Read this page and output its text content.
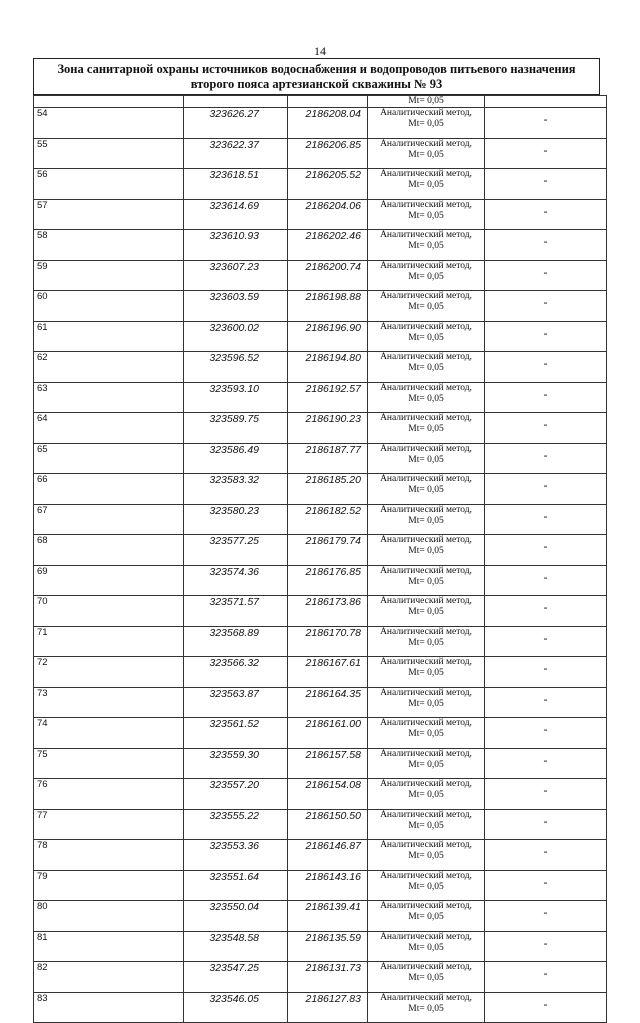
14
Зона санитарной охраны источников водоснабжения и водопроводов питьевого назначения
второго пояса артезианской скважины № 93
			Мt= 0,05	
54	323626.27	2186208.04	Аналитический метод,
Мt= 0,05	-
55	323622.37	2186206.85	Аналитический метод,
Мt= 0,05	-
56	323618.51	2186205.52	Аналитический метод,
Мt= 0,05	-
57	323614.69	2186204.06	Аналитический метод,
Мt= 0,05	-
58	323610.93	2186202.46	Аналитический метод,
Мt= 0,05	-
59	323607.23	2186200.74	Аналитический метод,
Мt= 0,05	-
60	323603.59	2186198.88	Аналитический метод,
Мt= 0,05	-
61	323600.02	2186196.90	Аналитический метод,
Мt= 0,05	-
62	323596.52	2186194.80	Аналитический метод,
Мt= 0,05	-
63	323593.10	2186192.57	Аналитический метод,
Мt= 0,05	-
64	323589.75	2186190.23	Аналитический метод,
Мt= 0,05	-
65	323586.49	2186187.77	Аналитический метод,
Мt= 0,05	-
66	323583.32	2186185.20	Аналитический метод,
Мt= 0,05	-
67	323580.23	2186182.52	Аналитический метод,
Мt= 0,05	-
68	323577.25	2186179.74	Аналитический метод,
Мt= 0,05	-
69	323574.36	2186176.85	Аналитический метод,
Мt= 0,05	-
70	323571.57	2186173.86	Аналитический метод,
Мt= 0,05	-
71	323568.89	2186170.78	Аналитический метод,
Мt= 0,05	-
72	323566.32	2186167.61	Аналитический метод,
Мt= 0,05	-
73	323563.87	2186164.35	Аналитический метод,
Мt= 0,05	-
74	323561.52	2186161.00	Аналитический метод,
Мt= 0,05	-
75	323559.30	2186157.58	Аналитический метод,
Мt= 0,05	-
76	323557.20	2186154.08	Аналитический метод,
Мt= 0,05	-
77	323555.22	2186150.50	Аналитический метод,
Мt= 0,05	-
78	323553.36	2186146.87	Аналитический метод,
Мt= 0,05	-
79	323551.64	2186143.16	Аналитический метод,
Мt= 0,05	-
80	323550.04	2186139.41	Аналитический метод,
Мt= 0,05	-
81	323548.58	2186135.59	Аналитический метод,
Мt= 0,05	-
82	323547.25	2186131.73	Аналитический метод,
Мt= 0,05	-
83	323546.05	2186127.83	Аналитический метод,
Мt= 0,05	-
